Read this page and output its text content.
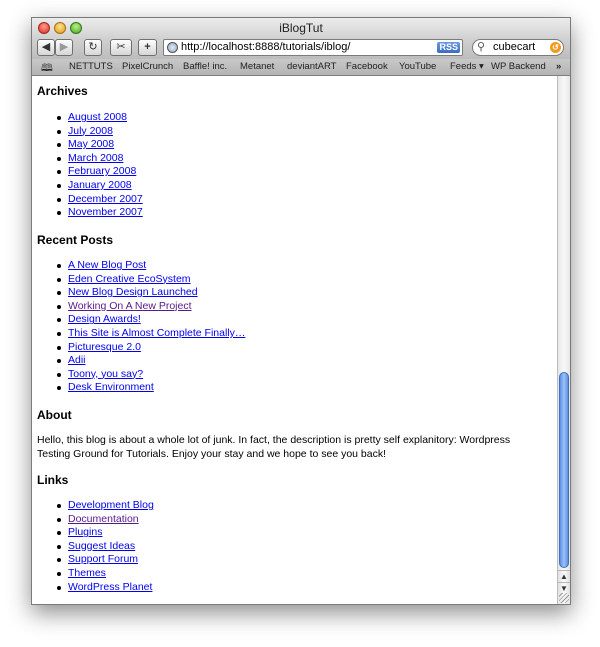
iBlogTut
◀ ▶	↻	✂	+	http://localhost:8888/tutorials/iblog/	RSS ⚲ cubecart ↺
🕮 NETTUTS PixelCrunch Baffle! inc. Metanet deviantART Facebook YouTube Feeds ▾ WP Backend »
Archives
August 2008
July 2008
May 2008
March 2008
February 2008
January 2008
December 2007
November 2007
Recent Posts
A New Blog Post
Eden Creative EcoSystem
New Blog Design Launched
Working On A New Project
Design Awards!
This Site is Almost Complete Finally…
Picturesque 2.0
Adii
Toony, you say?
Desk Environment
About

Hello, this blog is about a whole lot of junk. In fact, the description is pretty self explanitory: Wordpress Testing Ground for Tutorials. Enjoy your stay and we hope to see you back!

Links
Development Blog
Documentation
Plugins
Suggest Ideas
Support Forum
Themes
WordPress Planet
▲
▼
